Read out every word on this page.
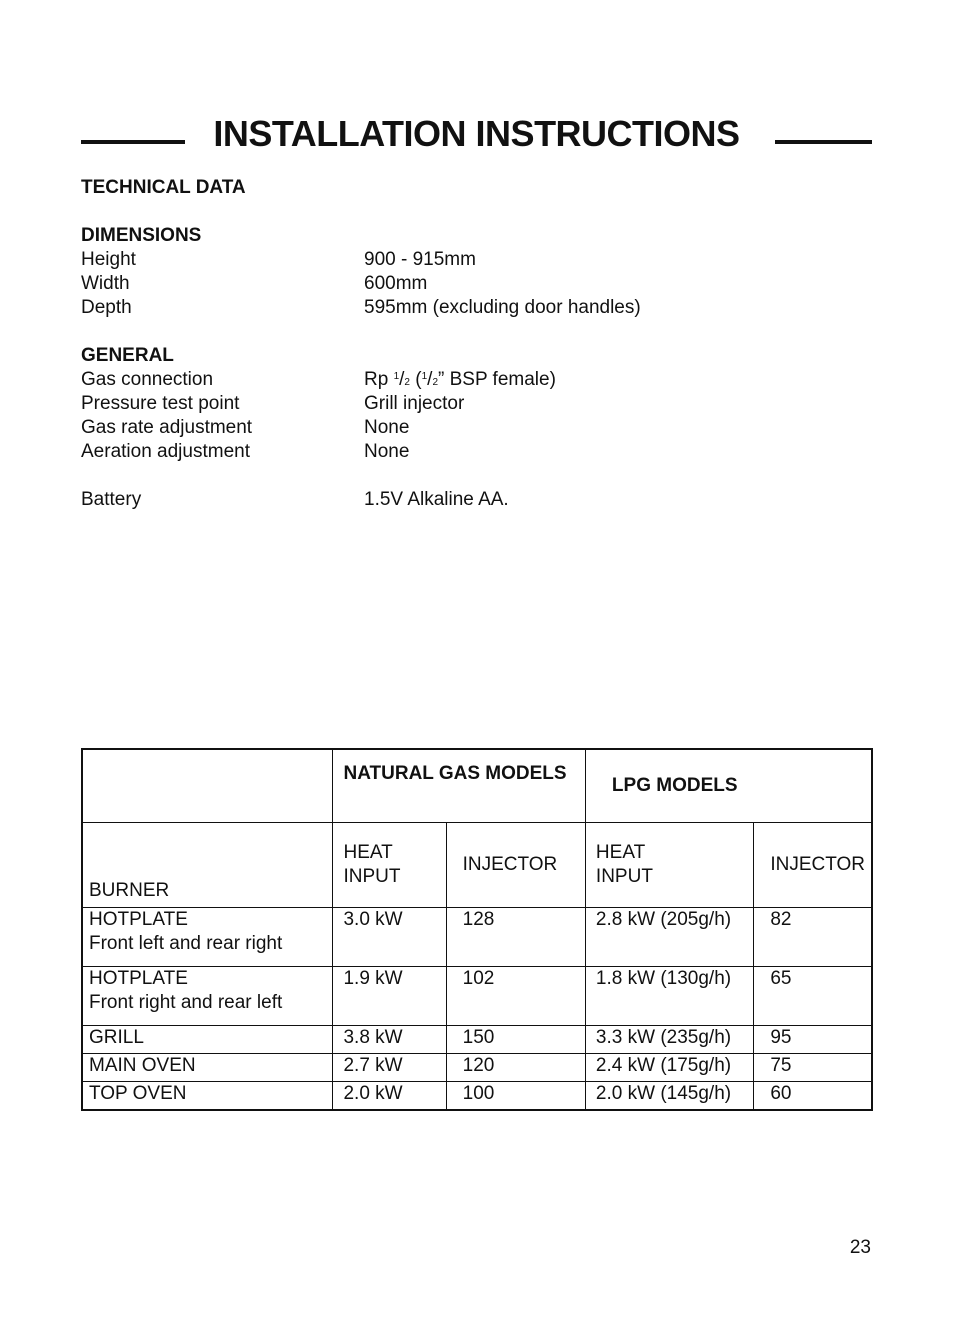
INSTALLATION INSTRUCTIONS
TECHNICAL DATA
DIMENSIONS
Height	900 - 915mm
Width	600mm
Depth	595mm (excluding door handles)
GENERAL
Gas connection	Rp $^1$/2 ($^1$/2” BSP female)
Pressure test point	Grill injector
Gas rate adjustment	None
Aeration adjustment	None
Battery	1.5V Alkaline AA.

	NATURAL GAS MODELS		LPG MODELS	
BURNER	HEAT INPUT	INJECTOR	HEAT INPUT	INJECTOR
HOTPLATE
Front left and rear right	3.0 kW	128	2.8 kW (205g/h)	82
HOTPLATE
Front right and rear left	1.9 kW	102	1.8 kW (130g/h)	65
GRILL	3.8 kW	150	3.3 kW (235g/h)	95
MAIN OVEN	2.7 kW	120	2.4 kW (175g/h)	75
TOP OVEN	2.0 kW	100	2.0 kW (145g/h)	60
23
